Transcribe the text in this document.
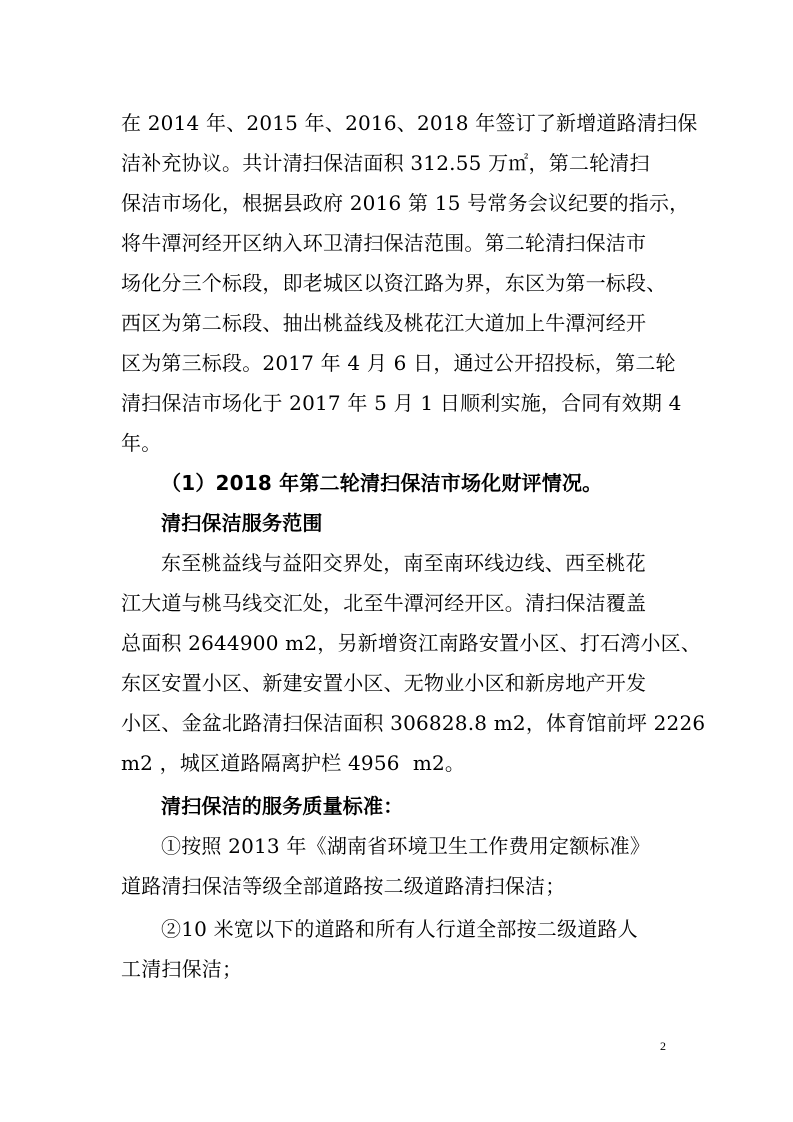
在 2014 年、2015 年、2016、2018 年签订了新增道路清扫保
洁补充协议。共计清扫保洁面积 312.55 万㎡，第二轮清扫
保洁市场化，根据县政府 2016 第 15 号常务会议纪要的指示，
将牛潭河经开区纳入环卫清扫保洁范围。第二轮清扫保洁市
场化分三个标段，即老城区以资江路为界，东区为第一标段、
西区为第二标段、抽出桃益线及桃花江大道加上牛潭河经开
区为第三标段。2017 年 4 月 6 日，通过公开招投标，第二轮
清扫保洁市场化于 2017 年 5 月 1 日顺利实施，合同有效期 4
年。
（1）2018 年第二轮清扫保洁市场化财评情况。
清扫保洁服务范围
东至桃益线与益阳交界处，南至南环线边线、西至桃花
江大道与桃马线交汇处，北至牛潭河经开区。清扫保洁覆盖
总面积 2644900 m2，另新增资江南路安置小区、打石湾小区、
东区安置小区、新建安置小区、无物业小区和新房地产开发
小区、金盆北路清扫保洁面积 306828.8 m2，体育馆前坪 2226
m2 ，城区道路隔离护栏 4956  m2。
清扫保洁的服务质量标准：
①按照 2013 年《湖南省环境卫生工作费用定额标准》
道路清扫保洁等级全部道路按二级道路清扫保洁；
②10 米宽以下的道路和所有人行道全部按二级道路人
工清扫保洁；
2
